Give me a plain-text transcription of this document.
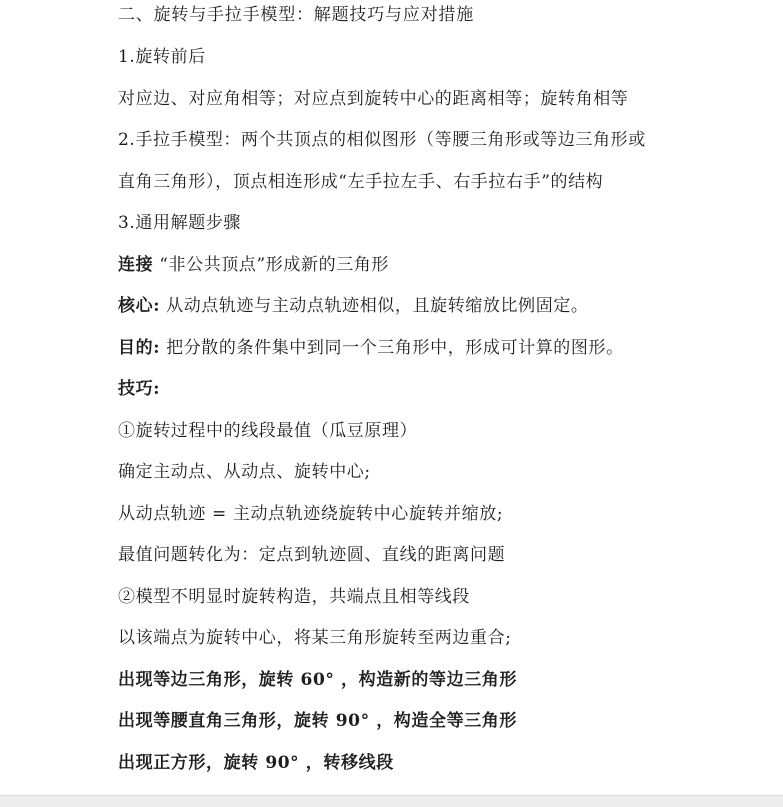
二、旋转与手拉手模型：解题技巧与应对措施
1.旋转前后
对应边、对应角相等；对应点到旋转中心的距离相等；旋转角相等
2.手拉手模型：两个共顶点的相似图形（等腰三角形或等边三角形或
直角三角形），顶点相连形成“左手拉左手、右手拉右手”的结构
3.通用解题步骤
连接 “非公共顶点”形成新的三角形
核心: 从动点轨迹与主动点轨迹相似，且旋转缩放比例固定。
目的: 把分散的条件集中到同一个三角形中，形成可计算的图形。
技巧:
①旋转过程中的线段最值（瓜豆原理）
确定主动点、从动点、旋转中心;
从动点轨迹 = 主动点轨迹绕旋转中心旋转并缩放;
最值问题转化为：定点到轨迹圆、直线的距离问题
②模型不明显时旋转构造，共端点且相等线段
以该端点为旋转中心，将某三角形旋转至两边重合;
出现等边三角形，旋转 60° ，构造新的等边三角形
出现等腰直角三角形，旋转 90° ，构造全等三角形
出现正方形，旋转 90° ，转移线段
